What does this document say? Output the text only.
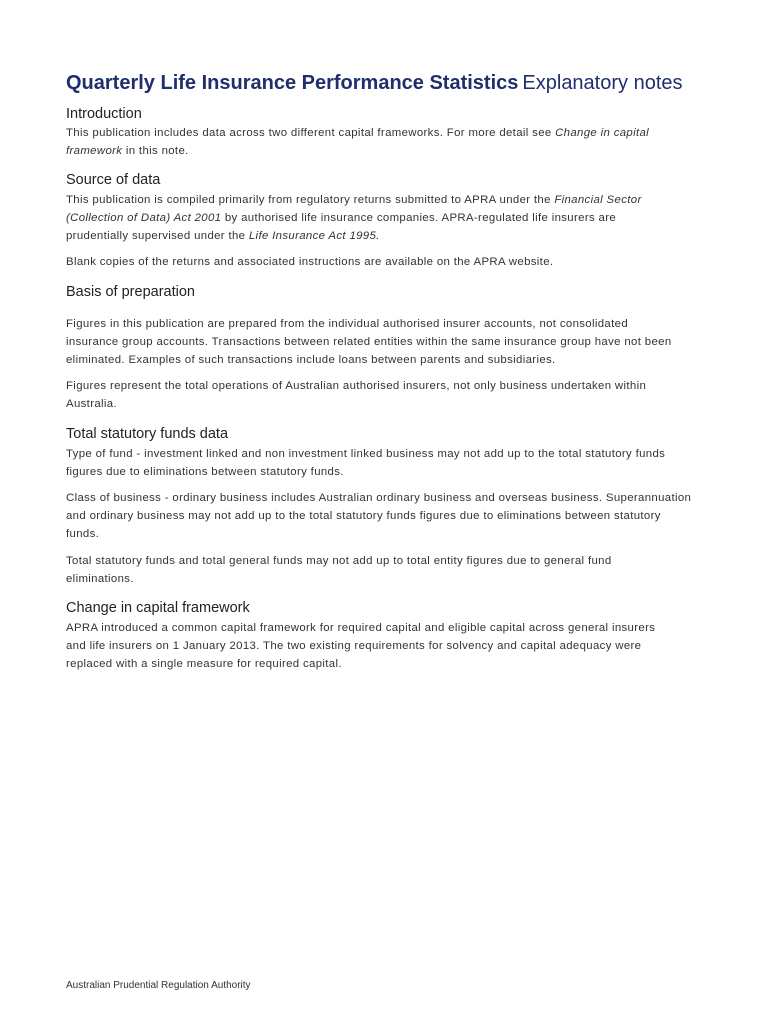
Quarterly Life Insurance Performance Statistics Explanatory notes
Introduction

This publication includes data across two different capital frameworks. For more detail see Change in capital
framework in this note.

Source of data

This publication is compiled primarily from regulatory returns submitted to APRA under the Financial Sector
(Collection of Data) Act 2001 by authorised life insurance companies. APRA-regulated life insurers are
prudentially supervised under the Life Insurance Act 1995.

Blank copies of the returns and associated instructions are available on the APRA website.

Basis of preparation

Figures in this publication are prepared from the individual authorised insurer accounts, not consolidated
insurance group accounts. Transactions between related entities within the same insurance group have not been
eliminated. Examples of such transactions include loans between parents and subsidiaries.

Figures represent the total operations of Australian authorised insurers, not only business undertaken within
Australia.

Total statutory funds data

Type of fund - investment linked and non investment linked business may not add up to the total statutory funds
figures due to eliminations between statutory funds.

Class of business - ordinary business includes Australian ordinary business and overseas business. Superannuation
and ordinary business may not add up to the total statutory funds figures due to eliminations between statutory
funds.

Total statutory funds and total general funds may not add up to total entity figures due to general fund
eliminations.

Change in capital framework

APRA introduced a common capital framework for required capital and eligible capital across general insurers
and life insurers on 1 January 2013. The two existing requirements for solvency and capital adequacy were
replaced with a single measure for required capital.

Australian Prudential Regulation Authority
